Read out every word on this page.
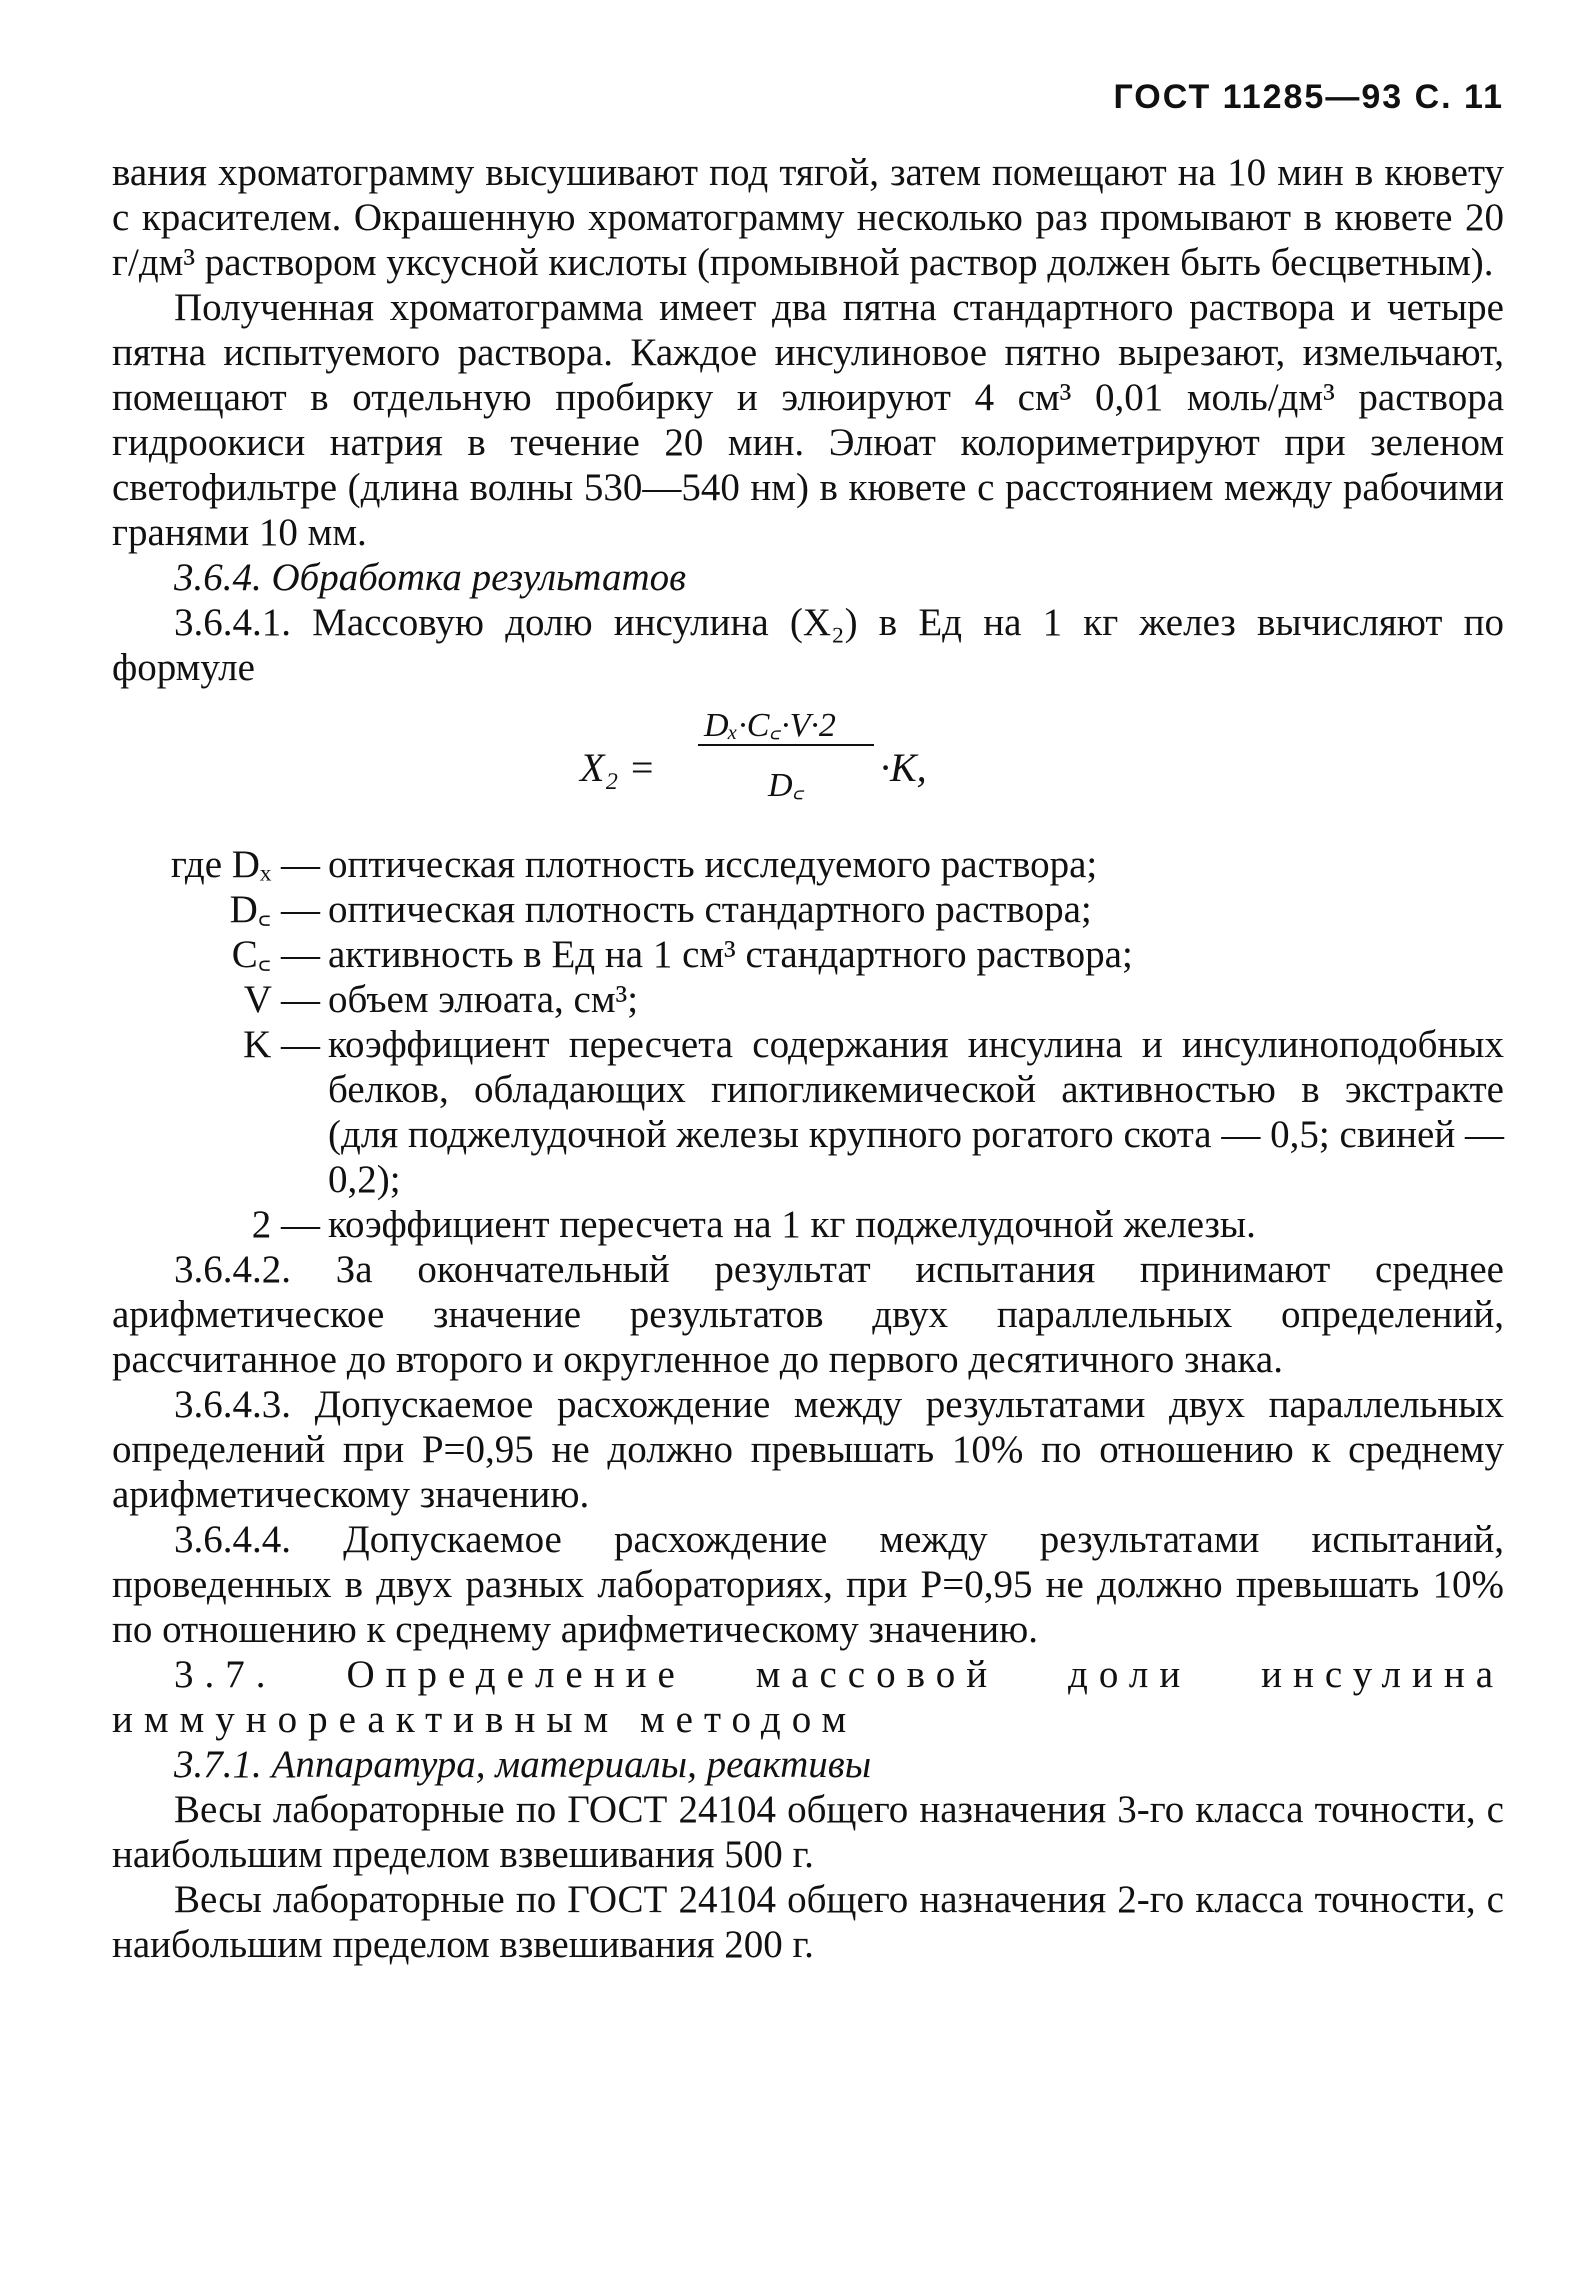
ГОСТ 11285—93 С. 11

вания хроматограмму высушивают под тягой, затем помещают на 10 мин в кювету с красителем. Окрашенную хроматограмму несколько раз промывают в кювете 20 г/дм³ раствором уксусной кислоты (промывной раствор должен быть бесцветным).

Полученная хроматограмма имеет два пятна стандартного раствора и четыре пятна испытуемого раствора. Каждое инсулиновое пятно вырезают, измельчают, помещают в отдельную пробирку и элюируют 4 см³ 0,01 моль/дм³ раствора гидроокиси натрия в течение 20 мин. Элюат колориметрируют при зеленом светофильтре (длина волны 530—540 нм) в кювете с расстоянием между рабочими гранями 10 мм.

3.6.4. Обработка результатов

3.6.4.1. Массовую долю инсулина (X₂) в Ед на 1 кг желез вычисляют по формуле

X₂ =
Dₓ·C꜀·V·2
D꜀ ·K,
где Dₓ — оптическая плотность исследуемого раствора;
D꜀ — оптическая плотность стандартного раствора;
C꜀ — активность в Ед на 1 см³ стандартного раствора;
V — объем элюата, см³;
K — коэффициент пересчета содержания инсулина и инсулиноподобных белков, обладающих гипогликемической активностью в экстракте (для поджелудочной железы крупного рогатого скота — 0,5; свиней — 0,2);
2 — коэффициент пересчета на 1 кг поджелудочной железы.

3.6.4.2. За окончательный результат испытания принимают среднее арифметическое значение результатов двух параллельных определений, рассчитанное до второго и округленное до первого десятичного знака.

3.6.4.3. Допускаемое расхождение между результатами двух параллельных определений при P=0,95 не должно превышать 10% по отношению к среднему арифметическому значению.

3.6.4.4. Допускаемое расхождение между результатами испытаний, проведенных в двух разных лабораториях, при P=0,95 не должно превышать 10% по отношению к среднему арифметическому значению.

3.7. Определение массовой доли инсулина иммунореактивным методом

3.7.1. Аппаратура, материалы, реактивы

Весы лабораторные по ГОСТ 24104 общего назначения 3-го класса точности, с наибольшим пределом взвешивания 500 г.

Весы лабораторные по ГОСТ 24104 общего назначения 2-го класса точности, с наибольшим пределом взвешивания 200 г.
